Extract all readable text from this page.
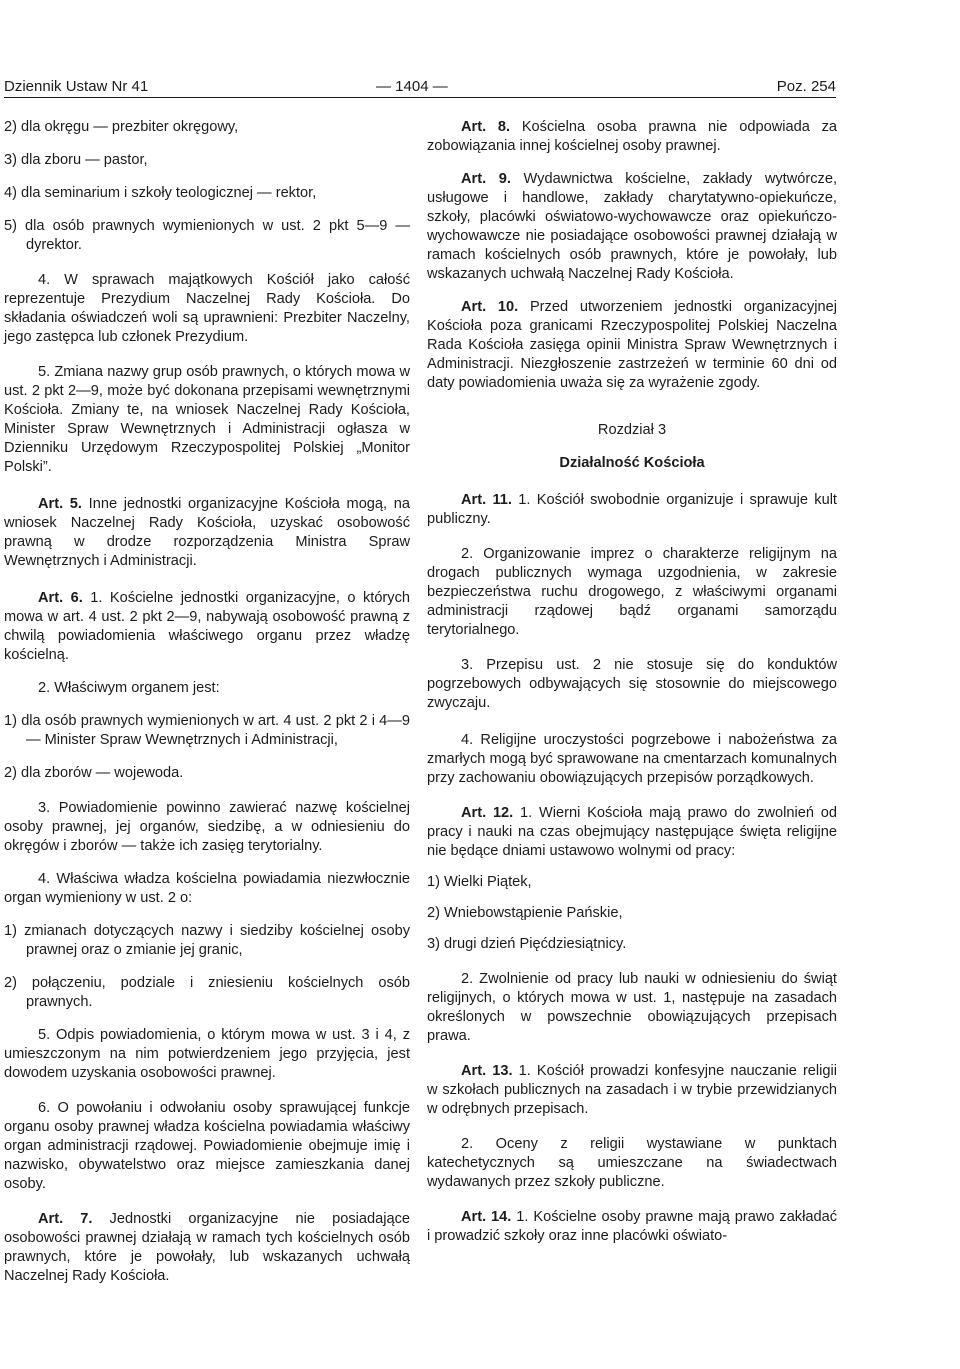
Dziennik Ustaw Nr 41	— 1404 —	Poz. 254

2) dla okręgu — prezbiter okręgowy,

3) dla zboru — pastor,

4) dla seminarium i szkoły teologicznej — rektor,

5) dla osób prawnych wymienionych w ust. 2 pkt 5—9 — dyrektor.

4. W sprawach majątkowych Kościół jako całość reprezentuje Prezydium Naczelnej Rady Kościoła. Do składania oświadczeń woli są uprawnieni: Prezbiter Naczelny, jego zastępca lub członek Prezydium.

5. Zmiana nazwy grup osób prawnych, o których mowa w ust. 2 pkt 2—9, może być dokonana przepisami wewnętrznymi Kościoła. Zmiany te, na wniosek Naczelnej Rady Kościoła, Minister Spraw Wewnętrznych i Administracji ogłasza w Dzienniku Urzędowym Rzeczypospolitej Polskiej „Monitor Polski”.

Art. 5. Inne jednostki organizacyjne Kościoła mogą, na wniosek Naczelnej Rady Kościoła, uzyskać osobowość prawną w drodze rozporządzenia Ministra Spraw Wewnętrznych i Administracji.

Art. 6. 1. Kościelne jednostki organizacyjne, o których mowa w art. 4 ust. 2 pkt 2—9, nabywają osobowość prawną z chwilą powiadomienia właściwego organu przez władzę kościelną.

2. Właściwym organem jest:

1) dla osób prawnych wymienionych w art. 4 ust. 2 pkt 2 i 4—9 — Minister Spraw Wewnętrznych i Administracji,

2) dla zborów — wojewoda.

3. Powiadomienie powinno zawierać nazwę kościelnej osoby prawnej, jej organów, siedzibę, a w odniesieniu do okręgów i zborów — także ich zasięg terytorialny.

4. Właściwa władza kościelna powiadamia niezwłocznie organ wymieniony w ust. 2 o:

1) zmianach dotyczących nazwy i siedziby kościelnej osoby prawnej oraz o zmianie jej granic,

2) połączeniu, podziale i zniesieniu kościelnych osób prawnych.

5. Odpis powiadomienia, o którym mowa w ust. 3 i 4, z umieszczonym na nim potwierdzeniem jego przyjęcia, jest dowodem uzyskania osobowości prawnej.

6. O powołaniu i odwołaniu osoby sprawującej funkcje organu osoby prawnej władza kościelna powiadamia właściwy organ administracji rządowej. Powiadomienie obejmuje imię i nazwisko, obywatelstwo oraz miejsce zamieszkania danej osoby.

Art. 7. Jednostki organizacyjne nie posiadające osobowości prawnej działają w ramach tych kościelnych osób prawnych, które je powołały, lub wskazanych uchwałą Naczelnej Rady Kościoła.

Art. 8. Kościelna osoba prawna nie odpowiada za zobowiązania innej kościelnej osoby prawnej.

Art. 9. Wydawnictwa kościelne, zakłady wytwórcze, usługowe i handlowe, zakłady charytatywno-opiekuńcze, szkoły, placówki oświatowo-wychowawcze oraz opiekuńczo-wychowawcze nie posiadające osobowości prawnej działają w ramach kościelnych osób prawnych, które je powołały, lub wskazanych uchwałą Naczelnej Rady Kościoła.

Art. 10. Przed utworzeniem jednostki organizacyjnej Kościoła poza granicami Rzeczypospolitej Polskiej Naczelna Rada Kościoła zasięga opinii Ministra Spraw Wewnętrznych i Administracji. Niezgłoszenie zastrzeżeń w terminie 60 dni od daty powiadomienia uważa się za wyrażenie zgody.

Rozdział 3

Działalność Kościoła

Art. 11. 1. Kościół swobodnie organizuje i sprawuje kult publiczny.

2. Organizowanie imprez o charakterze religijnym na drogach publicznych wymaga uzgodnienia, w zakresie bezpieczeństwa ruchu drogowego, z właściwymi organami administracji rządowej bądź organami samorządu terytorialnego.

3. Przepisu ust. 2 nie stosuje się do konduktów pogrzebowych odbywających się stosownie do miejscowego zwyczaju.

4. Religijne uroczystości pogrzebowe i nabożeństwa za zmarłych mogą być sprawowane na cmentarzach komunalnych przy zachowaniu obowiązujących przepisów porządkowych.

Art. 12. 1. Wierni Kościoła mają prawo do zwolnień od pracy i nauki na czas obejmujący następujące święta religijne nie będące dniami ustawowo wolnymi od pracy:

1) Wielki Piątek,

2) Wniebowstąpienie Pańskie,

3) drugi dzień Pięćdziesiątnicy.

2. Zwolnienie od pracy lub nauki w odniesieniu do świąt religijnych, o których mowa w ust. 1, następuje na zasadach określonych w powszechnie obowiązujących przepisach prawa.

Art. 13. 1. Kościół prowadzi konfesyjne nauczanie religii w szkołach publicznych na zasadach i w trybie przewidzianych w odrębnych przepisach.

2. Oceny z religii wystawiane w punktach katechetycznych są umieszczane na świadectwach wydawanych przez szkoły publiczne.

Art. 14. 1. Kościelne osoby prawne mają prawo zakładać i prowadzić szkoły oraz inne placówki oświato-
